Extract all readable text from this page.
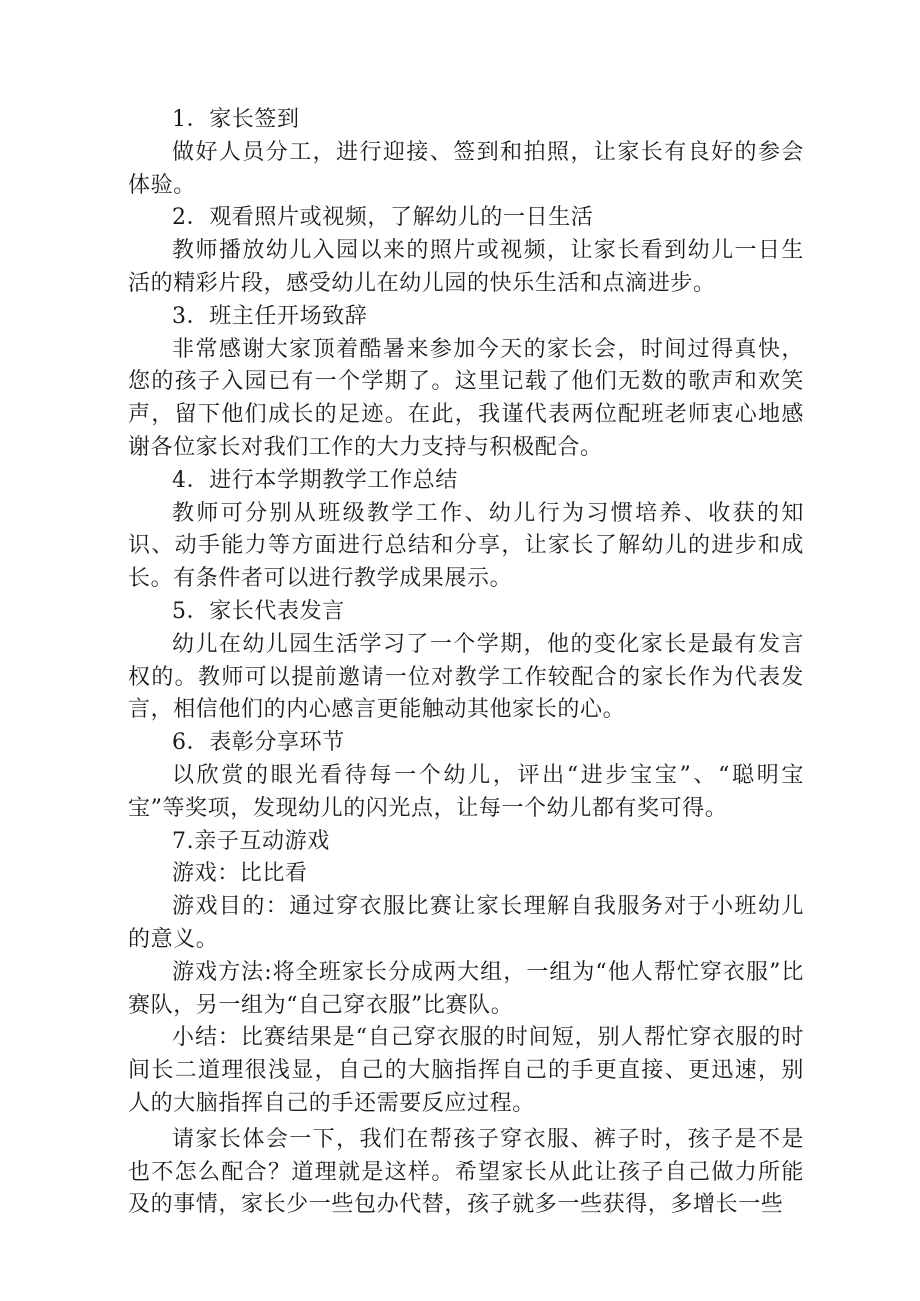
1．家长签到

做好人员分工，进行迎接、签到和拍照，让家长有良好的参会体验。

2．观看照片或视频，了解幼儿的一日生活

教师播放幼儿入园以来的照片或视频，让家长看到幼儿一日生活的精彩片段，感受幼儿在幼儿园的快乐生活和点滴进步。

3．班主任开场致辞

非常感谢大家顶着酷暑来参加今天的家长会，时间过得真快，您的孩子入园已有一个学期了。这里记载了他们无数的歌声和欢笑声，留下他们成长的足迹。在此，我谨代表两位配班老师衷心地感谢各位家长对我们工作的大力支持与积极配合。

4．进行本学期教学工作总结

教师可分别从班级教学工作、幼儿行为习惯培养、收获的知识、动手能力等方面进行总结和分享，让家长了解幼儿的进步和成长。有条件者可以进行教学成果展示。

5．家长代表发言

幼儿在幼儿园生活学习了一个学期，他的变化家长是最有发言权的。教师可以提前邀请一位对教学工作较配合的家长作为代表发言，相信他们的内心感言更能触动其他家长的心。

6．表彰分享环节

以欣赏的眼光看待每一个幼儿，评出“进步宝宝”、“聪明宝宝”等奖项，发现幼儿的闪光点，让每一个幼儿都有奖可得。

7.亲子互动游戏

游戏：比比看

游戏目的：通过穿衣服比赛让家长理解自我服务对于小班幼儿的意义。

游戏方法:将全班家长分成两大组，一组为“他人帮忙穿衣服”比赛队，另一组为“自己穿衣服”比赛队。

小结：比赛结果是“自己穿衣服的时间短，别人帮忙穿衣服的时间长二道理很浅显，自己的大脑指挥自己的手更直接、更迅速，别人的大脑指挥自己的手还需要反应过程。

请家长体会一下，我们在帮孩子穿衣服、裤子时，孩子是不是也不怎么配合？道理就是这样。希望家长从此让孩子自己做力所能及的事情，家长少一些包办代替，孩子就多一些获得，多增长一些
